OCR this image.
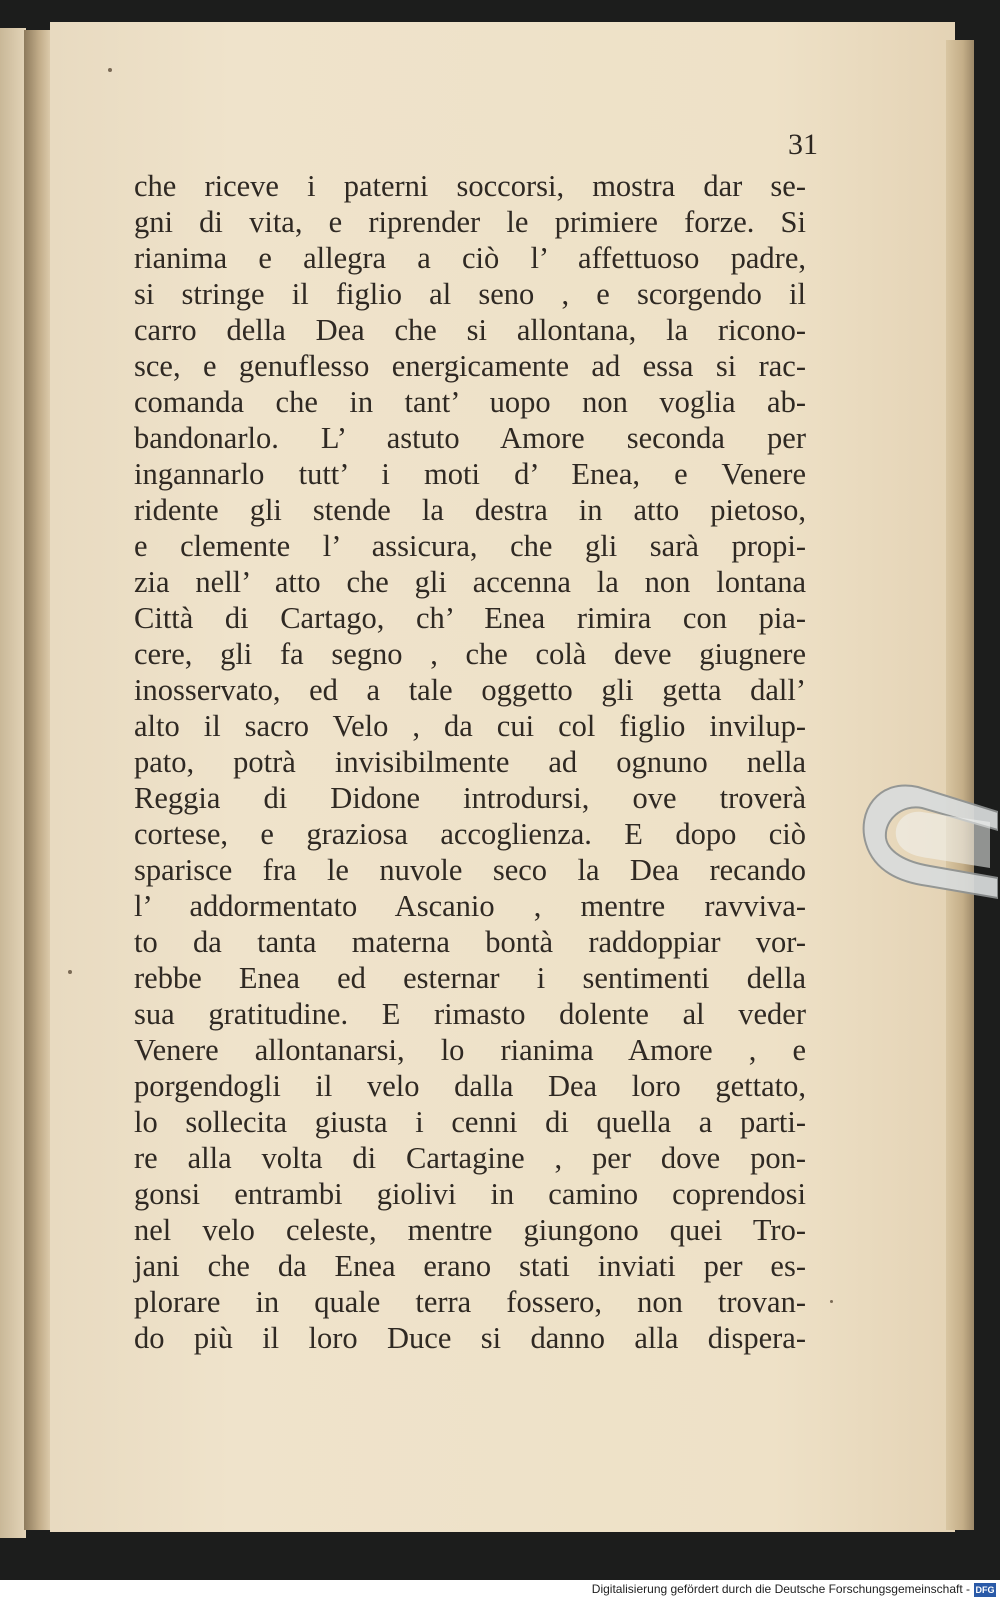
31
che riceve i paterni soccorsi, mostra dar se-
gni di vita, e riprender le primiere forze. Si
rianima e allegra a ciò l’ affettuoso padre,
si stringe il figlio al seno , e scorgendo il
carro della Dea che si allontana, la ricono-
sce, e genuflesso energicamente ad essa si rac-
comanda che in tant’ uopo non voglia ab-
bandonarlo. L’ astuto Amore seconda per
ingannarlo tutt’ i moti d’ Enea, e Venere
ridente gli stende la destra in atto pietoso,
e clemente l’ assicura, che gli sarà propi-
zia nell’ atto che gli accenna la non lontana
Città di Cartago, ch’ Enea rimira con pia-
cere, gli fa segno , che colà deve giugnere
inosservato, ed a tale oggetto gli getta dall’
alto il sacro Velo , da cui col figlio invilup-
pato, potrà invisibilmente ad ognuno nella
Reggia di Didone introdursi, ove troverà
cortese, e graziosa accoglienza. E dopo ciò
sparisce fra le nuvole seco la Dea recando
l’ addormentato Ascanio , mentre ravviva-
to da tanta materna bontà raddoppiar vor-
rebbe Enea ed esternar i sentimenti della
sua gratitudine. E rimasto dolente al veder
Venere allontanarsi, lo rianima Amore , e
porgendogli il velo dalla Dea loro gettato,
lo sollecita giusta i cenni di quella a parti-
re alla volta di Cartagine , per dove pon-
gonsi entrambi giolivi in camino coprendosi
nel velo celeste, mentre giungono quei Tro-
jani che da Enea erano stati inviati per es-
plorare in quale terra fossero, non trovan-
do più il loro Duce si danno alla dispera-
Digitalisierung gefördert durch die Deutsche Forschungsgemeinschaft - DFG
